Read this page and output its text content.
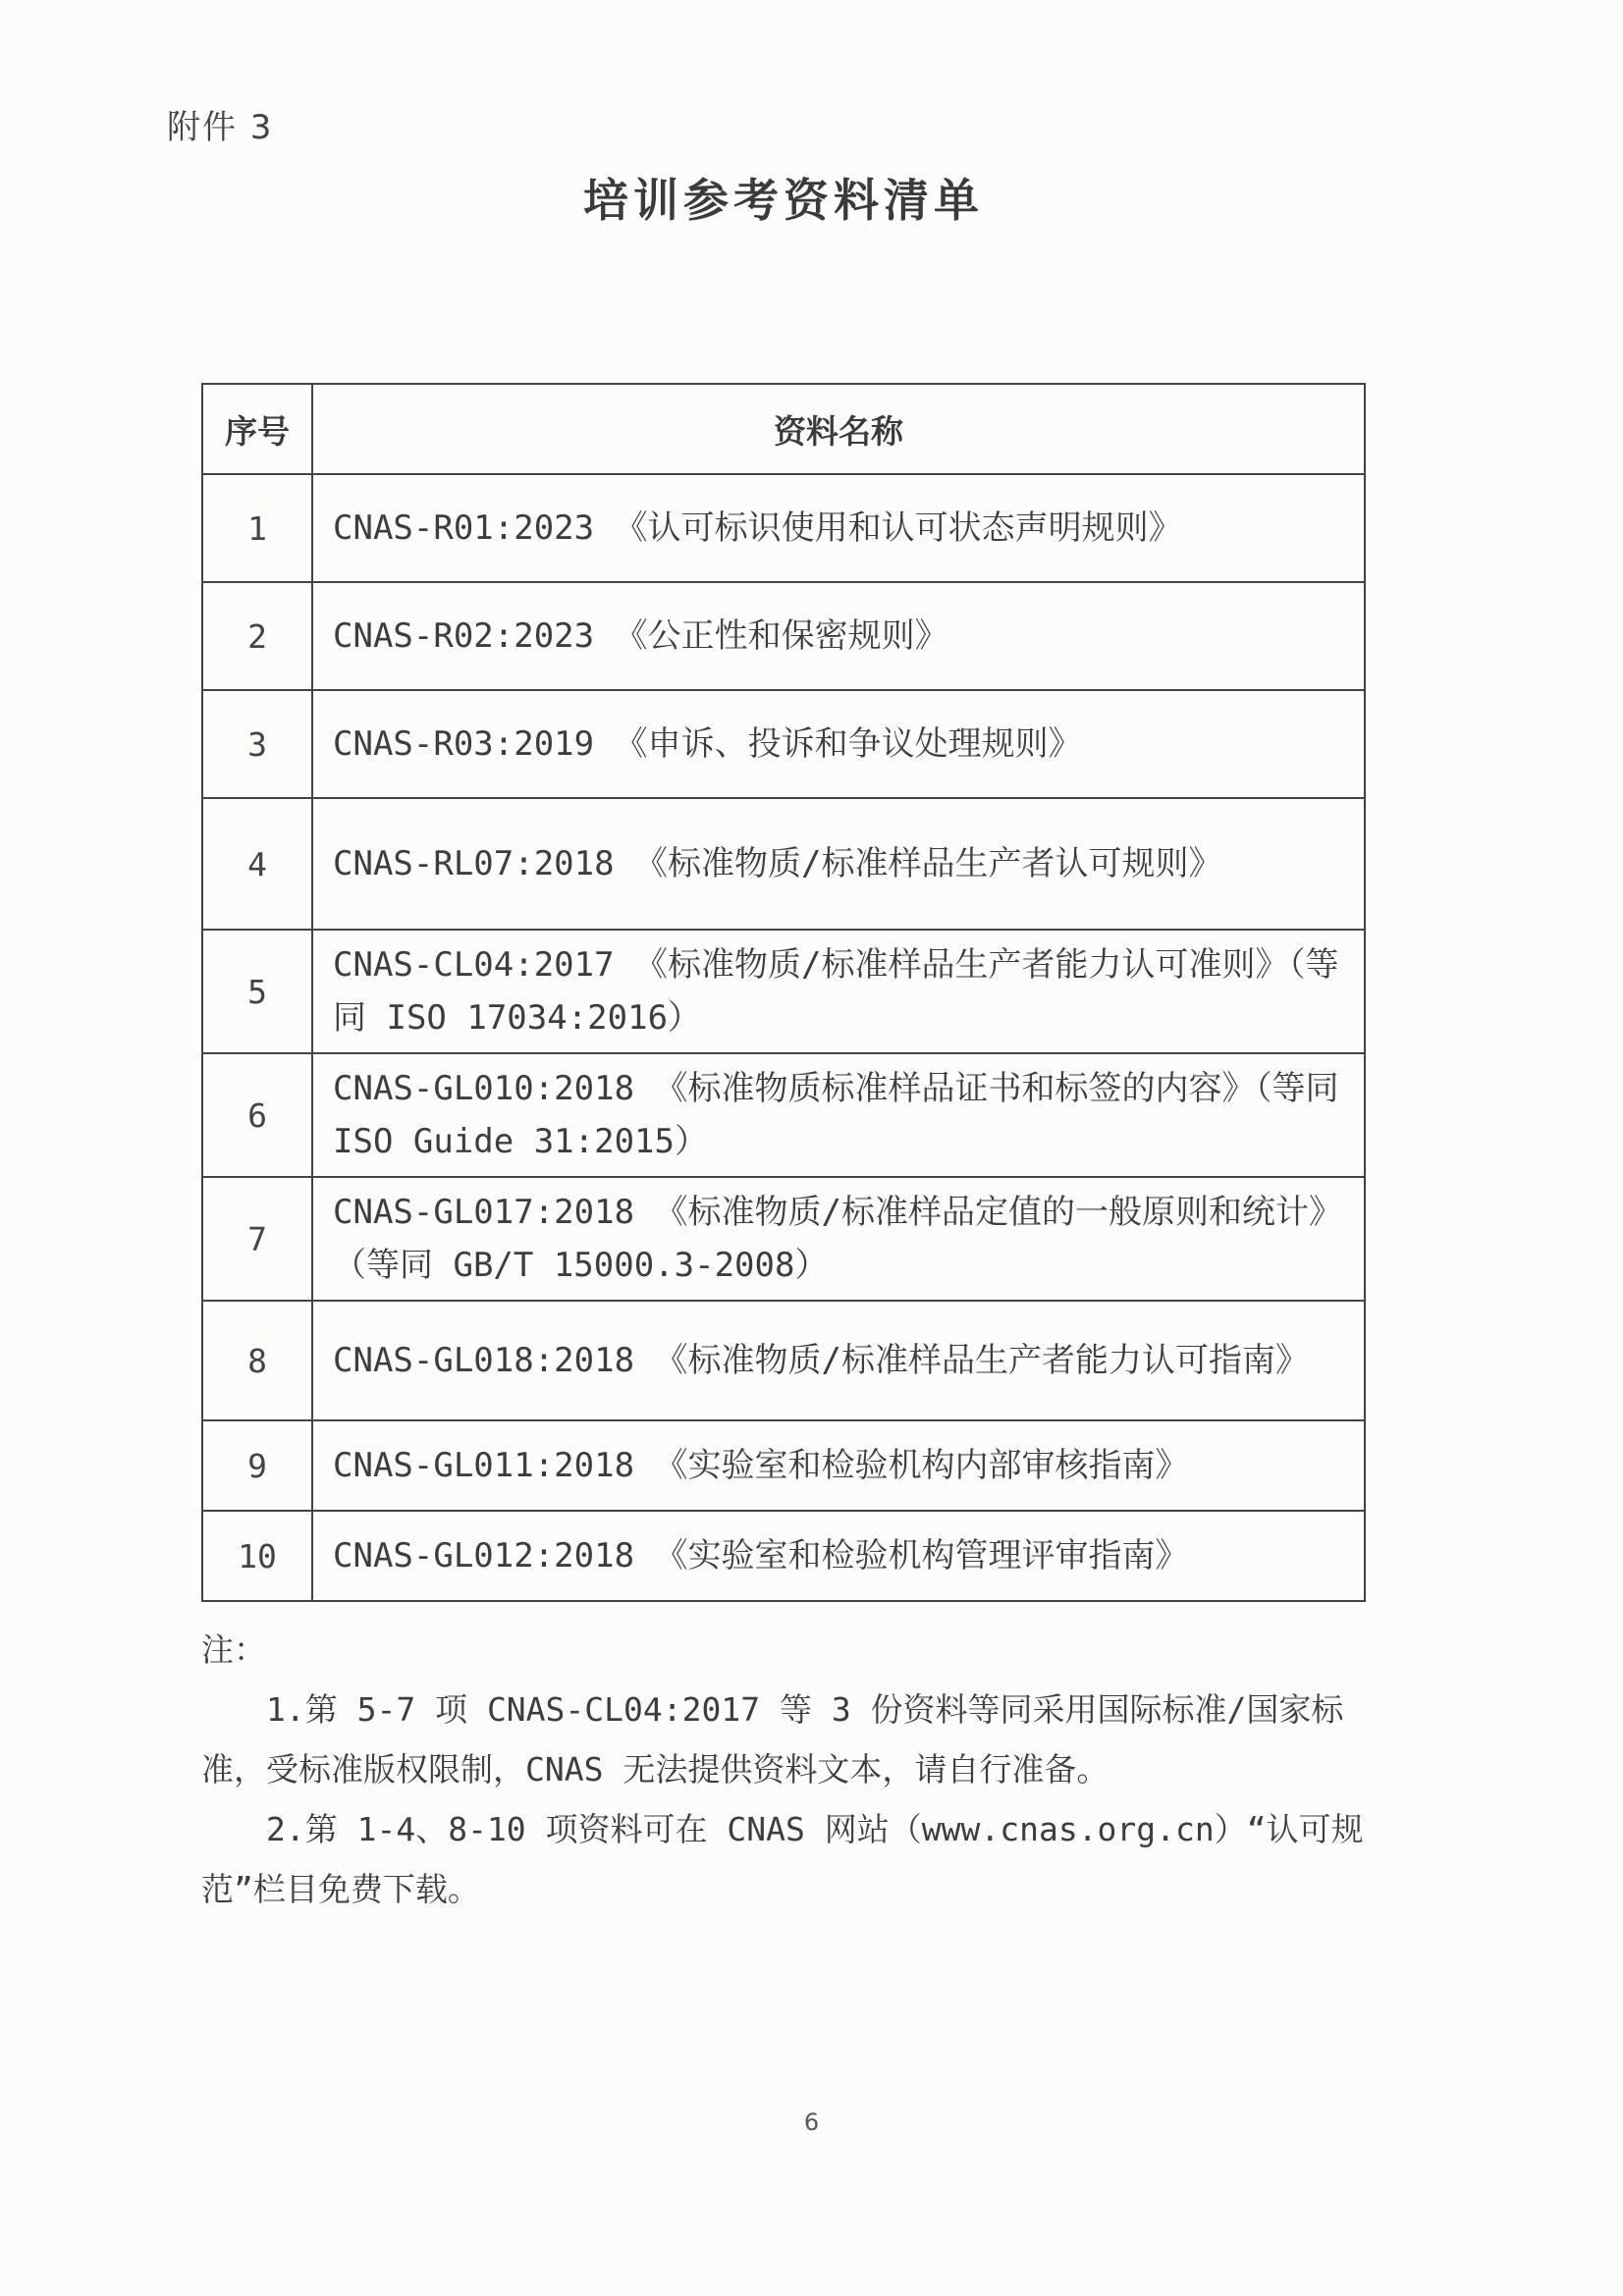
附件 3
培训参考资料清单
序号	资料名称
1	CNAS-R01:2023 《认可标识使用和认可状态声明规则》
2	CNAS-R02:2023 《公正性和保密规则》
3	CNAS-R03:2019 《申诉、投诉和争议处理规则》
4	CNAS-RL07:2018 《标准物质/标准样品生产者认可规则》
5	CNAS-CL04:2017 《标准物质/标准样品生产者能力认可准则》（等同 ISO 17034:2016）
6	CNAS-GL010:2018 《标准物质标准样品证书和标签的内容》（等同 ISO Guide 31:2015）
7	CNAS-GL017:2018 《标准物质/标准样品定值的一般原则和统计》（等同 GB/T 15000.3-2008）
8	CNAS-GL018:2018 《标准物质/标准样品生产者能力认可指南》
9	CNAS-GL011:2018 《实验室和检验机构内部审核指南》
10	CNAS-GL012:2018 《实验室和检验机构管理评审指南》
注：

1.第 5-7 项 CNAS-CL04:2017 等 3 份资料等同采用国际标准/国家标准，受标准版权限制，CNAS 无法提供资料文本，请自行准备。

2.第 1-4、8-10 项资料可在 CNAS 网站（www.cnas.org.cn）“认可规范”栏目免费下载。

6
